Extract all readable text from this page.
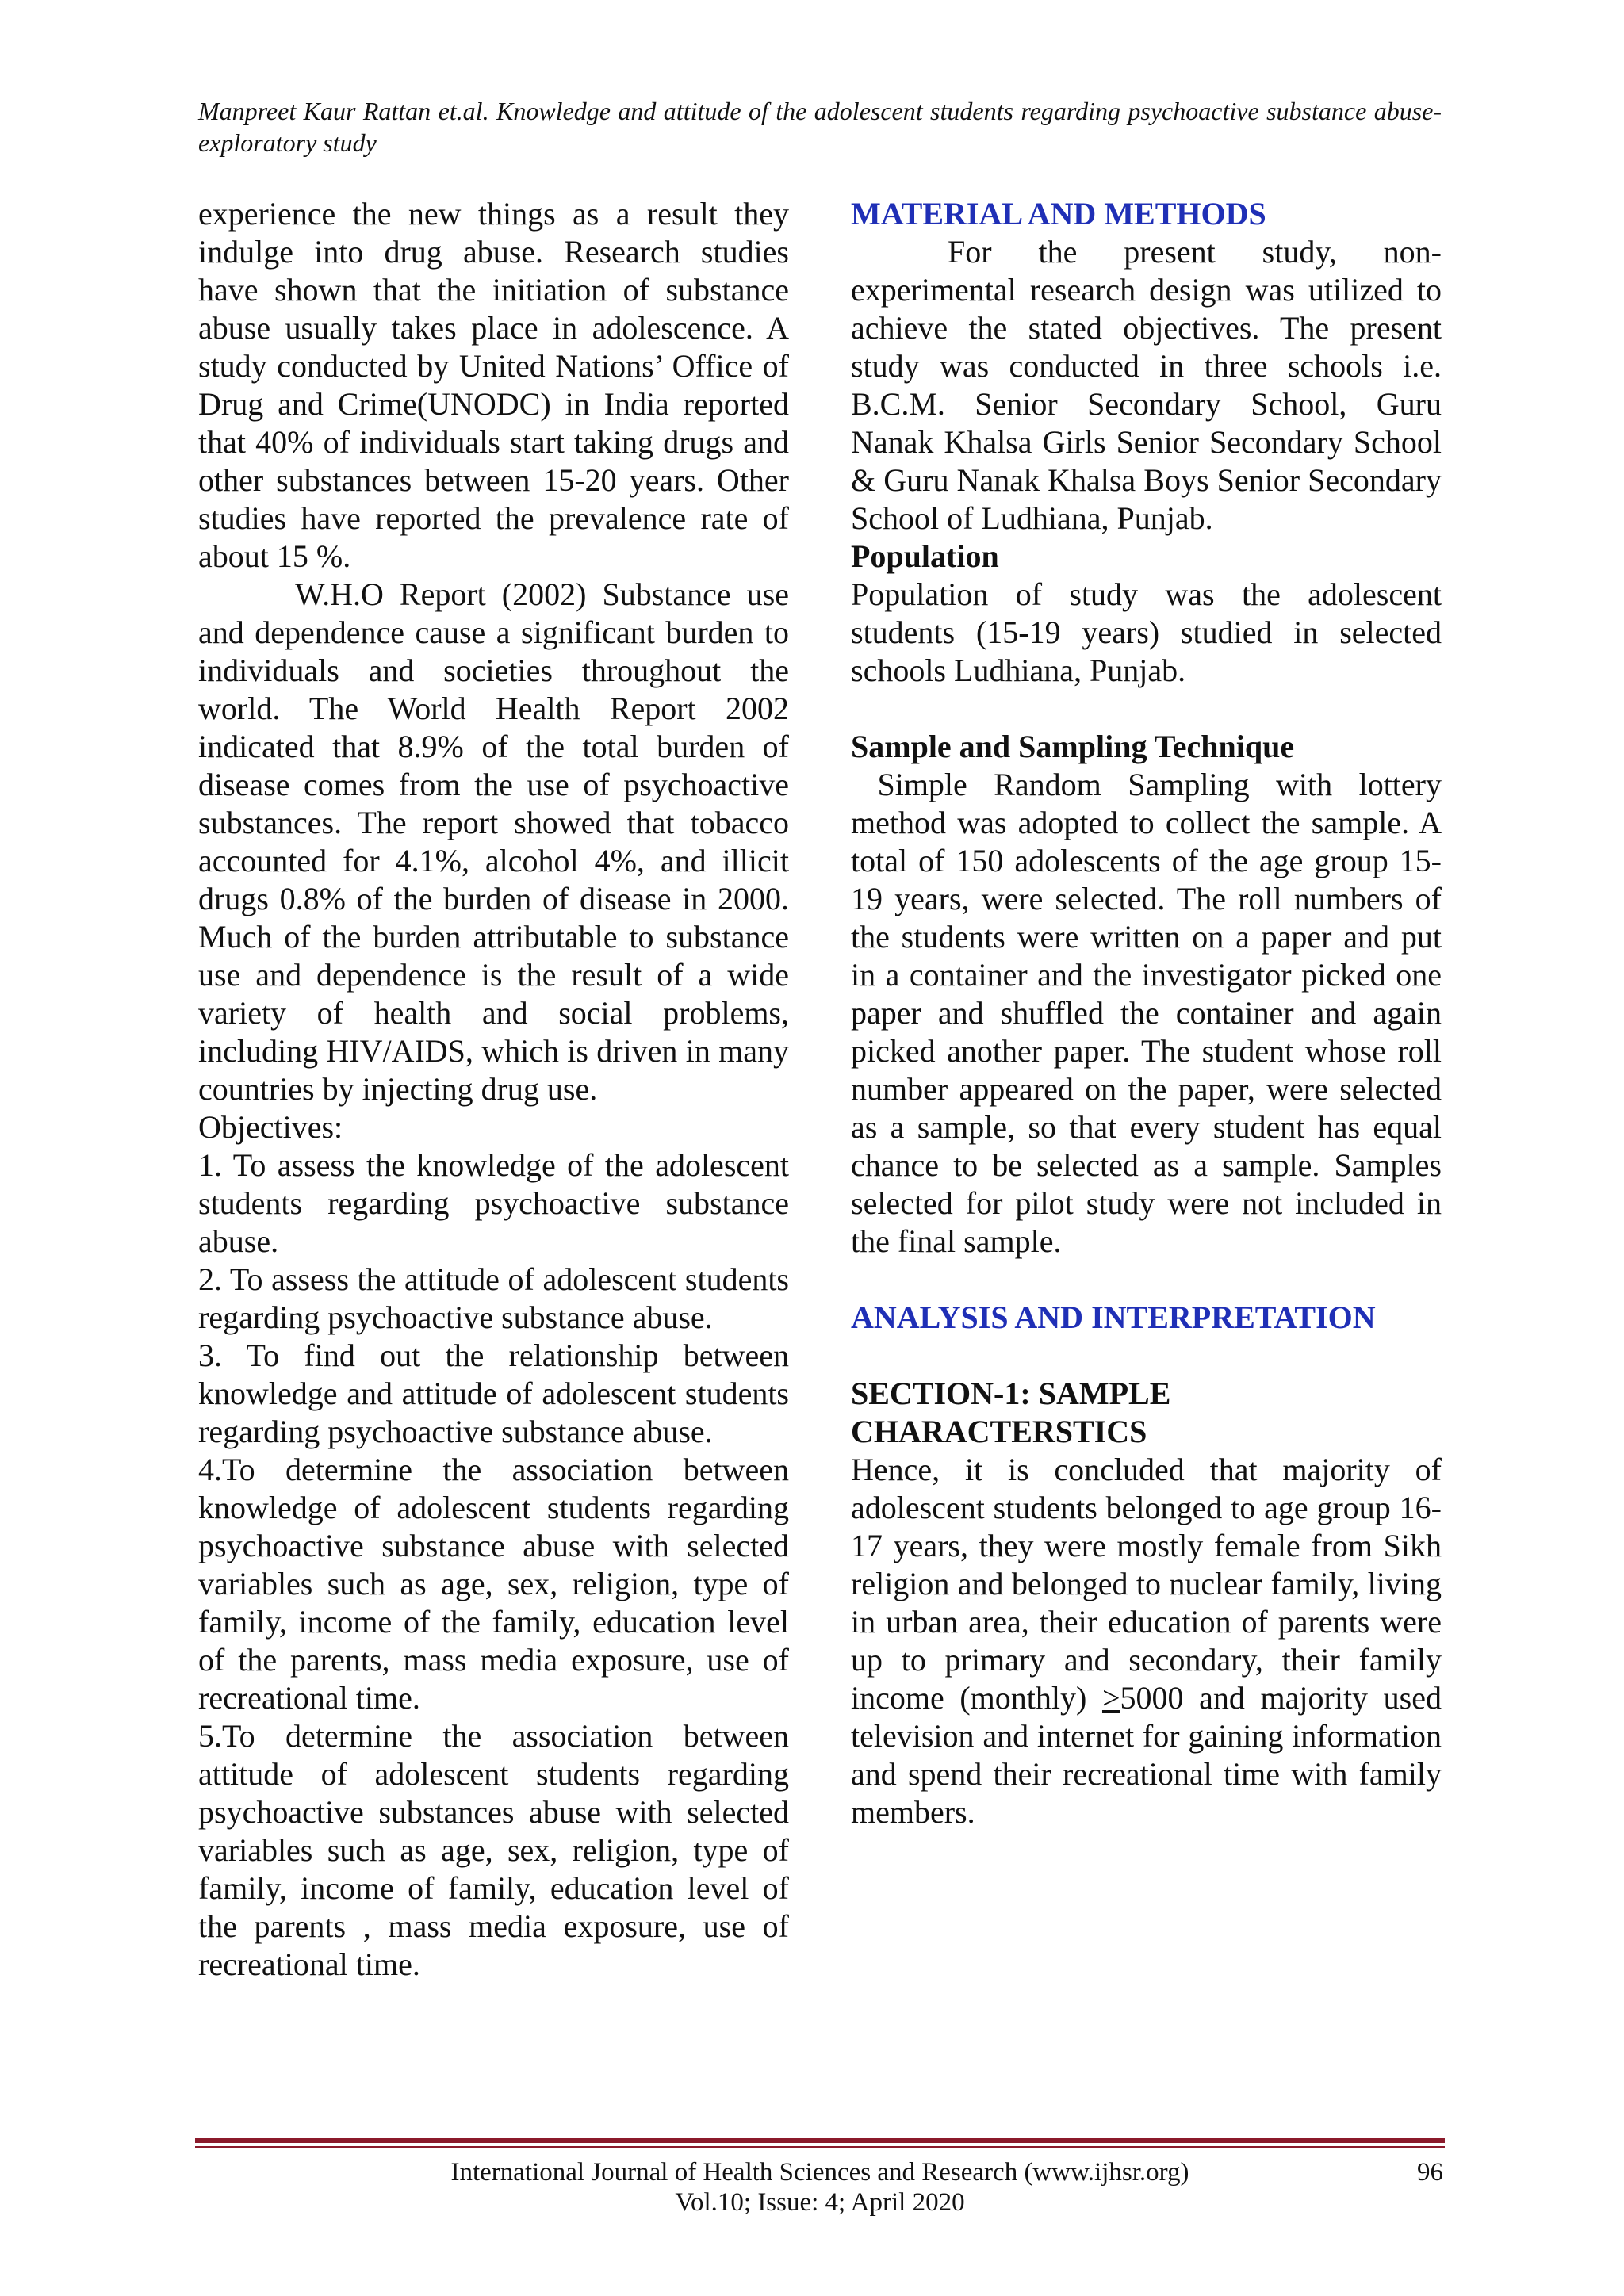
Manpreet Kaur Rattan et.al. Knowledge and attitude of the adolescent students regarding psychoactive substance abuse-exploratory study

experience the new things as a result they indulge into drug abuse. Research studies have shown that the initiation of substance abuse usually takes place in adolescence. A study conducted by United Nations’ Office of Drug and Crime(UNODC) in India reported that 40% of individuals start taking drugs and other substances between 15-20 years. Other studies have reported the prevalence rate of about 15 %.

W.H.O Report (2002) Substance use and dependence cause a significant burden to individuals and societies throughout the world. The World Health Report 2002 indicated that 8.9% of the total burden of disease comes from the use of psychoactive substances. The report showed that tobacco accounted for 4.1%, alcohol 4%, and illicit drugs 0.8% of the burden of disease in 2000. Much of the burden attributable to substance use and dependence is the result of a wide variety of health and social problems, including HIV/AIDS, which is driven in many countries by injecting drug use.

Objectives:

1. To assess the knowledge of the adolescent students regarding psychoactive substance abuse.

2. To assess the attitude of adolescent students regarding psychoactive substance abuse.

3. To find out the relationship between knowledge and attitude of adolescent students regarding psychoactive substance abuse.

4.To determine the association between knowledge of adolescent students regarding psychoactive substance abuse with selected variables such as age, sex, religion, type of family, income of the family, education level of the parents, mass media exposure, use of recreational time.

5.To determine the association between attitude of adolescent students regarding psychoactive substances abuse with selected variables such as age, sex, religion, type of family, income of family, education level of the parents , mass media exposure, use of recreational time.

MATERIAL AND METHODS

For the present study, non-experimental research design was utilized to achieve the stated objectives. The present study was conducted in three schools i.e. B.C.M. Senior Secondary School, Guru Nanak Khalsa Girls Senior Secondary School & Guru Nanak Khalsa Boys Senior Secondary School of Ludhiana, Punjab.

Population

Population of study was the adolescent students (15-19 years) studied in selected schools Ludhiana, Punjab.

Sample and Sampling Technique

Simple Random Sampling with lottery method was adopted to collect the sample. A total of 150 adolescents of the age group 15-19 years, were selected. The roll numbers of the students were written on a paper and put in a container and the investigator picked one paper and shuffled the container and again picked another paper. The student whose roll number appeared on the paper, were selected as a sample, so that every student has equal chance to be selected as a sample. Samples selected for pilot study were not included in the final sample.

ANALYSIS AND INTERPRETATION

SECTION-1: SAMPLE CHARACTERSTICS

Hence, it is concluded that majority of adolescent students belonged to age group 16-17 years, they were mostly female from Sikh religion and belonged to nuclear family, living in urban area, their education of parents were up to primary and secondary, their family income (monthly) ≥5000 and majority used television and internet for gaining information and spend their recreational time with family members.

International Journal of Health Sciences and Research (www.ijhsr.org)
Vol.10; Issue: 4; April 2020
96
